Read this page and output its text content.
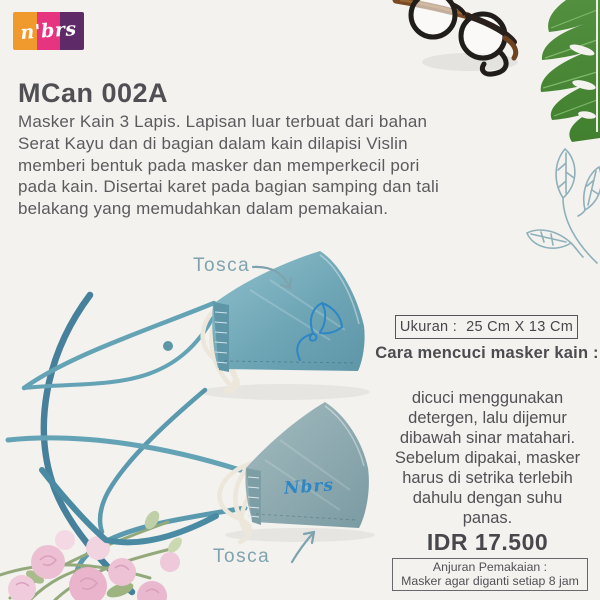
n'brs
MCan 002A
Masker Kain 3 Lapis. Lapisan luar terbuat dari bahan
Serat Kayu dan di bagian dalam kain dilapisi Vislin
memberi bentuk pada masker dan memperkecil pori
pada kain. Disertai karet pada bagian samping dan tali
belakang yang memudahkan dalam pemakaian.
Tosca
Tosca
Nbrs
Ukuran : 25 Cm X 13 Cm
Cara mencuci masker kain :
dicuci menggunakan
detergen, lalu dijemur
dibawah sinar matahari.
Sebelum dipakai, masker
harus di setrika terlebih
dahulu dengan suhu
panas.
IDR 17.500
Anjuran Pemakaian :
Masker agar diganti setiap 8 jam
